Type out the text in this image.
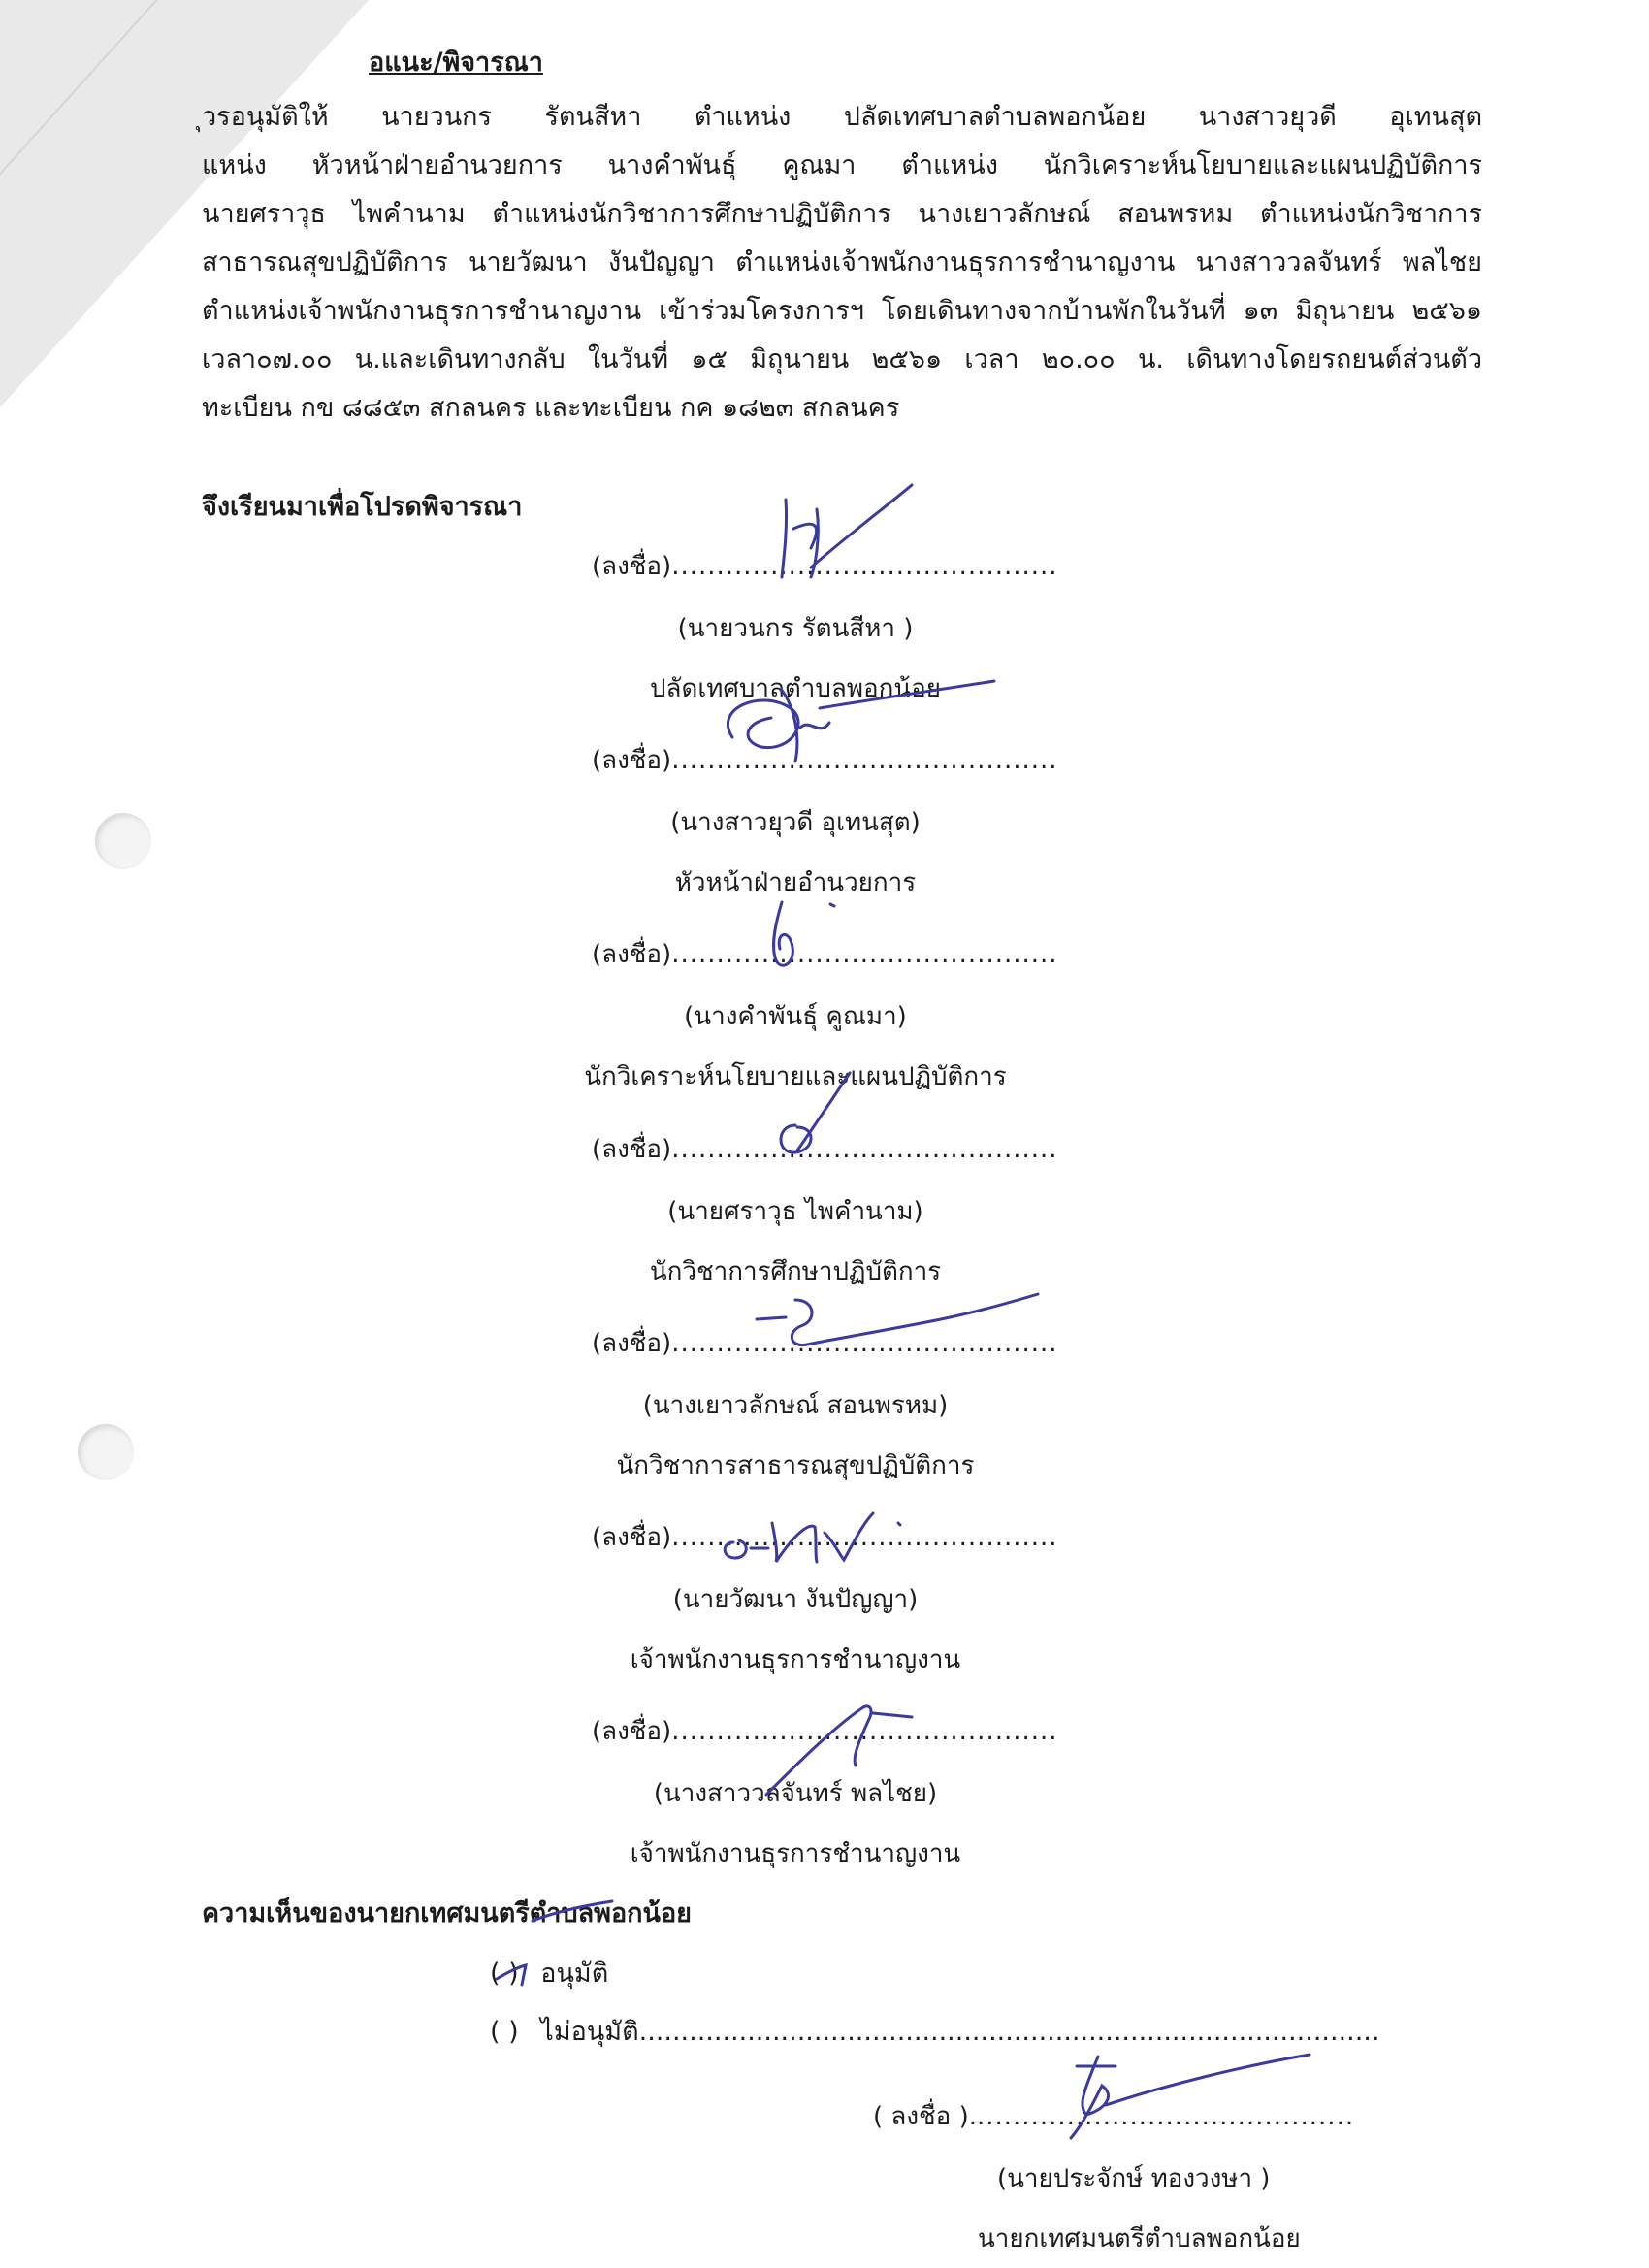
อแนะ/พิจารณา
ุวรอนุมัติให้ นายวนกร รัตนสีหา ตำแหน่ง ปลัดเทศบาลตำบลพอกน้อย นางสาวยุวดี อุเทนสุต
แหน่ง หัวหน้าฝ่ายอำนวยการ นางคำพันธุ์ คูณมา ตำแหน่ง นักวิเคราะห์นโยบายและแผนปฏิบัติการ
นายศราวุธ ไพคำนาม ตำแหน่งนักวิชาการศึกษาปฏิบัติการ นางเยาวลักษณ์ สอนพรหม ตำแหน่งนักวิชาการ
สาธารณสุขปฏิบัติการ นายวัฒนา งันปัญญา ตำแหน่งเจ้าพนักงานธุรการชำนาญงาน นางสาววลจันทร์ พลไชย
ตำแหน่งเจ้าพนักงานธุรการชำนาญงาน เข้าร่วมโครงการฯ โดยเดินทางจากบ้านพักในวันที่ ๑๓ มิถุนายน ๒๕๖๑
เวลา๐๗.๐๐ น.และเดินทางกลับ ในวันที่ ๑๕ มิถุนายน ๒๕๖๑ เวลา ๒๐.๐๐ น. เดินทางโดยรถยนต์ส่วนตัว
ทะเบียน กข ๘๘๕๓ สกลนคร และทะเบียน กค ๑๘๒๓ สกลนคร
จึงเรียนมาเพื่อโปรดพิจารณา
(ลงชื่อ)...........................................
(นายวนกร รัตนสีหา )
ปลัดเทศบาลตำบลพอกน้อย
(ลงชื่อ)...........................................
(นางสาวยุวดี อุเทนสุต)
หัวหน้าฝ่ายอำนวยการ
(ลงชื่อ)...........................................
(นางคำพันธุ์ คูณมา)
นักวิเคราะห์นโยบายและแผนปฏิบัติการ
(ลงชื่อ)...........................................
(นายศราวุธ ไพคำนาม)
นักวิชาการศึกษาปฏิบัติการ
(ลงชื่อ)...........................................
(นางเยาวลักษณ์ สอนพรหม)
นักวิชาการสาธารณสุขปฏิบัติการ
(ลงชื่อ)...........................................
(นายวัฒนา งันปัญญา)
เจ้าพนักงานธุรการชำนาญงาน
(ลงชื่อ)...........................................
(นางสาววลจันทร์ พลไชย)
เจ้าพนักงานธุรการชำนาญงาน
ความเห็นของนายกเทศมนตรีตำบลพอกน้อย
( ) อนุมัติ
( ) ไม่อนุมัติ.........................................................................................
( ลงชื่อ )...........................................
(นายประจักษ์ ทองวงษา )
นายกเทศมนตรีตำบลพอกน้อย
